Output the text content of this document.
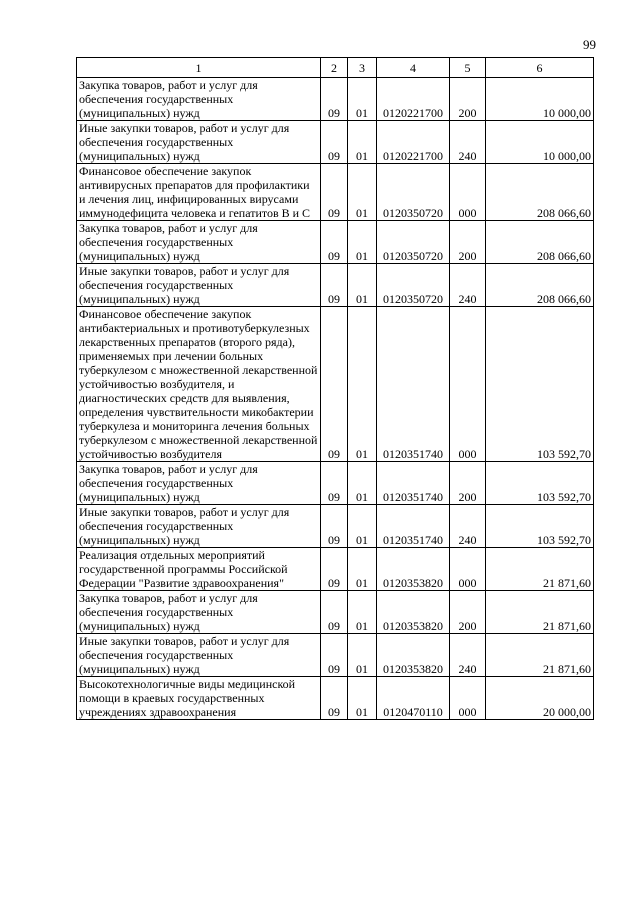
99
1	2	3	4	5	6
Закупка товаров, работ и услуг для обеспечения государственных (муниципальных) нужд	09	01	0120221700	200	10 000,00
Иные закупки товаров, работ и услуг для обеспечения государственных (муниципальных) нужд	09	01	0120221700	240	10 000,00
Финансовое обеспечение закупок антивирусных препаратов для профилактики и лечения лиц, инфицированных вирусами иммунодефицита человека и гепатитов В и С	09	01	0120350720	000	208 066,60
Закупка товаров, работ и услуг для обеспечения государственных (муниципальных) нужд	09	01	0120350720	200	208 066,60
Иные закупки товаров, работ и услуг для обеспечения государственных (муниципальных) нужд	09	01	0120350720	240	208 066,60
Финансовое обеспечение закупок антибактериальных и противотуберкулезных лекарственных препаратов (второго ряда), применяемых при лечении больных туберкулезом с множественной лекарственной устойчивостью возбудителя, и диагностических средств для выявления, определения чувствительности микобактерии туберкулеза и мониторинга лечения больных туберкулезом с множественной лекарственной устойчивостью возбудителя	09	01	0120351740	000	103 592,70
Закупка товаров, работ и услуг для обеспечения государственных (муниципальных) нужд	09	01	0120351740	200	103 592,70
Иные закупки товаров, работ и услуг для обеспечения государственных (муниципальных) нужд	09	01	0120351740	240	103 592,70
Реализация отдельных мероприятий государственной программы Российской Федерации "Развитие здравоохранения"	09	01	0120353820	000	21 871,60
Закупка товаров, работ и услуг для обеспечения государственных (муниципальных) нужд	09	01	0120353820	200	21 871,60
Иные закупки товаров, работ и услуг для обеспечения государственных (муниципальных) нужд	09	01	0120353820	240	21 871,60
Высокотехнологичные виды медицинской помощи в краевых государственных учреждениях здравоохранения	09	01	0120470110	000	20 000,00
